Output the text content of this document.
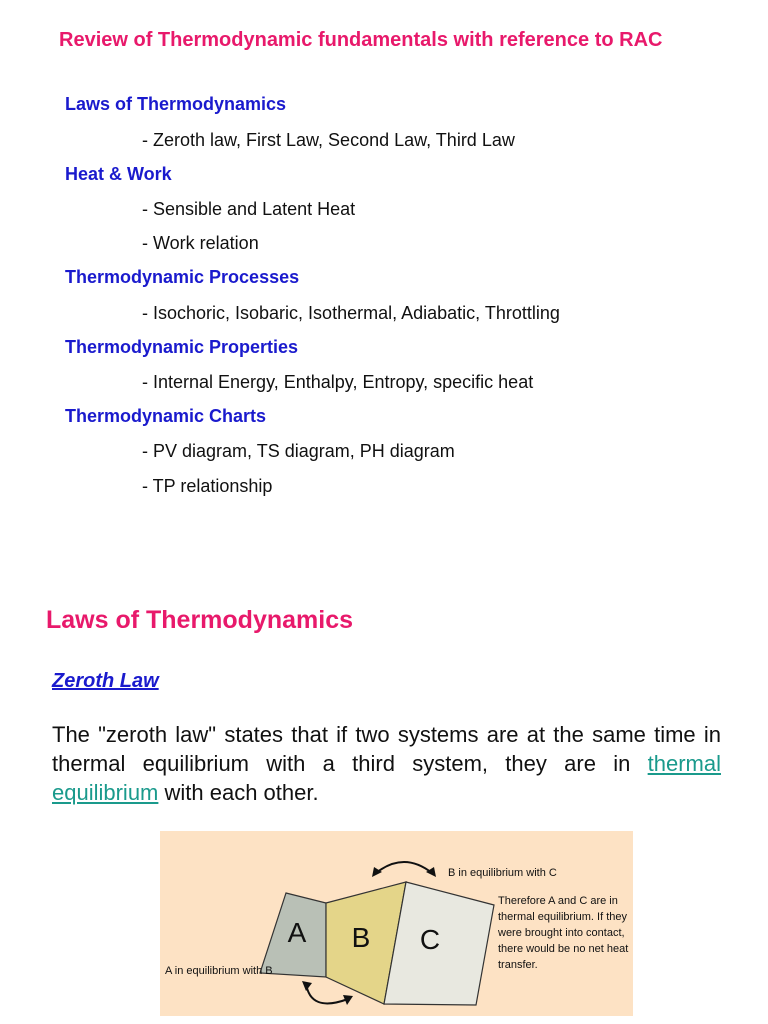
Review of Thermodynamic fundamentals with reference to RAC
Laws of Thermodynamics
- Zeroth law, First Law, Second Law, Third Law
Heat & Work
- Sensible and Latent Heat
- Work relation
Thermodynamic Processes
- Isochoric, Isobaric, Isothermal, Adiabatic, Throttling
Thermodynamic Properties
- Internal Energy, Enthalpy, Entropy, specific heat
Thermodynamic Charts
- PV diagram, TS diagram, PH diagram
- TP relationship
Laws of Thermodynamics
Zeroth Law
The "zeroth law" states that if two systems are at the same time in thermal equilibrium with a third system, they are in thermal equilibrium with each other.
A B C
B in equilibrium with C
Therefore A and C are in thermal equilibrium. If they were brought into contact, there would be no net heat transfer.
A in equilibrium with B
